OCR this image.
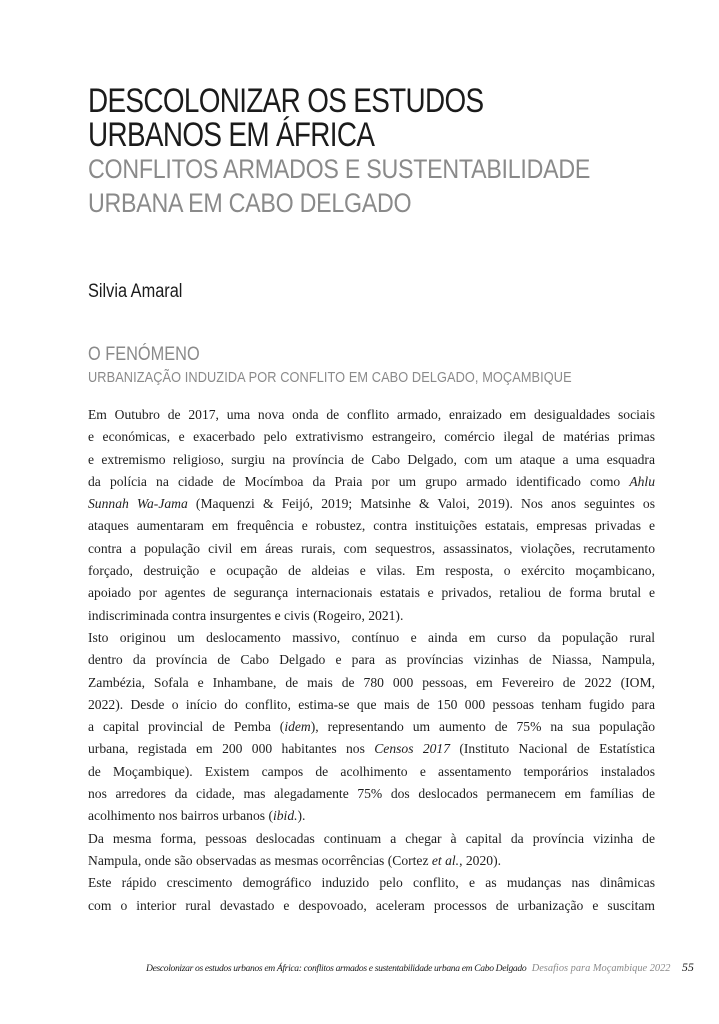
DESCOLONIZAR OS ESTUDOS
URBANOS EM ÁFRICA
CONFLITOS ARMADOS E SUSTENTABILIDADE
URBANA EM CABO DELGADO
Silvia Amaral
O FENÓMENO
URBANIZAÇÃO INDUZIDA POR CONFLITO EM CABO DELGADO, MOÇAMBIQUE
Em Outubro de 2017, uma nova onda de conflito armado, enraizado em desigualdades sociais
e económicas, e exacerbado pelo extrativismo estrangeiro, comércio ilegal de matérias primas
e extremismo religioso, surgiu na província de Cabo Delgado, com um ataque a uma esquadra
da polícia na cidade de Mocímboa da Praia por um grupo armado identificado como Ahlu
Sunnah Wa-Jama (Maquenzi & Feijó, 2019; Matsinhe & Valoi, 2019). Nos anos seguintes os
ataques aumentaram em frequência e robustez, contra instituições estatais, empresas privadas e
contra a população civil em áreas rurais, com sequestros, assassinatos, violações, recrutamento
forçado, destruição e ocupação de aldeias e vilas. Em resposta, o exército moçambicano,
apoiado por agentes de segurança internacionais estatais e privados, retaliou de forma brutal e
indiscriminada contra insurgentes e civis (Rogeiro, 2021).
Isto originou um deslocamento massivo, contínuo e ainda em curso da população rural
dentro da província de Cabo Delgado e para as províncias vizinhas de Niassa, Nampula,
Zambézia, Sofala e Inhambane, de mais de 780 000 pessoas, em Fevereiro de 2022 (IOM,
2022). Desde o início do conflito, estima-se que mais de 150 000 pessoas tenham fugido para
a capital provincial de Pemba (idem), representando um aumento de 75% na sua população
urbana, registada em 200 000 habitantes nos Censos 2017 (Instituto Nacional de Estatística
de Moçambique). Existem campos de acolhimento e assentamento temporários instalados
nos arredores da cidade, mas alegadamente 75% dos deslocados permanecem em famílias de
acolhimento nos bairros urbanos (ibid.).
Da mesma forma, pessoas deslocadas continuam a chegar à capital da província vizinha de
Nampula, onde são observadas as mesmas ocorrências (Cortez et al., 2020).
Este rápido crescimento demográfico induzido pelo conflito, e as mudanças nas dinâmicas
com o interior rural devastado e despovoado, aceleram processos de urbanização e suscitam
Descolonizar os estudos urbanos em África: conflitos armados e sustentabilidade urbana em Cabo Delgado Desafios para Moçambique 2022 55
